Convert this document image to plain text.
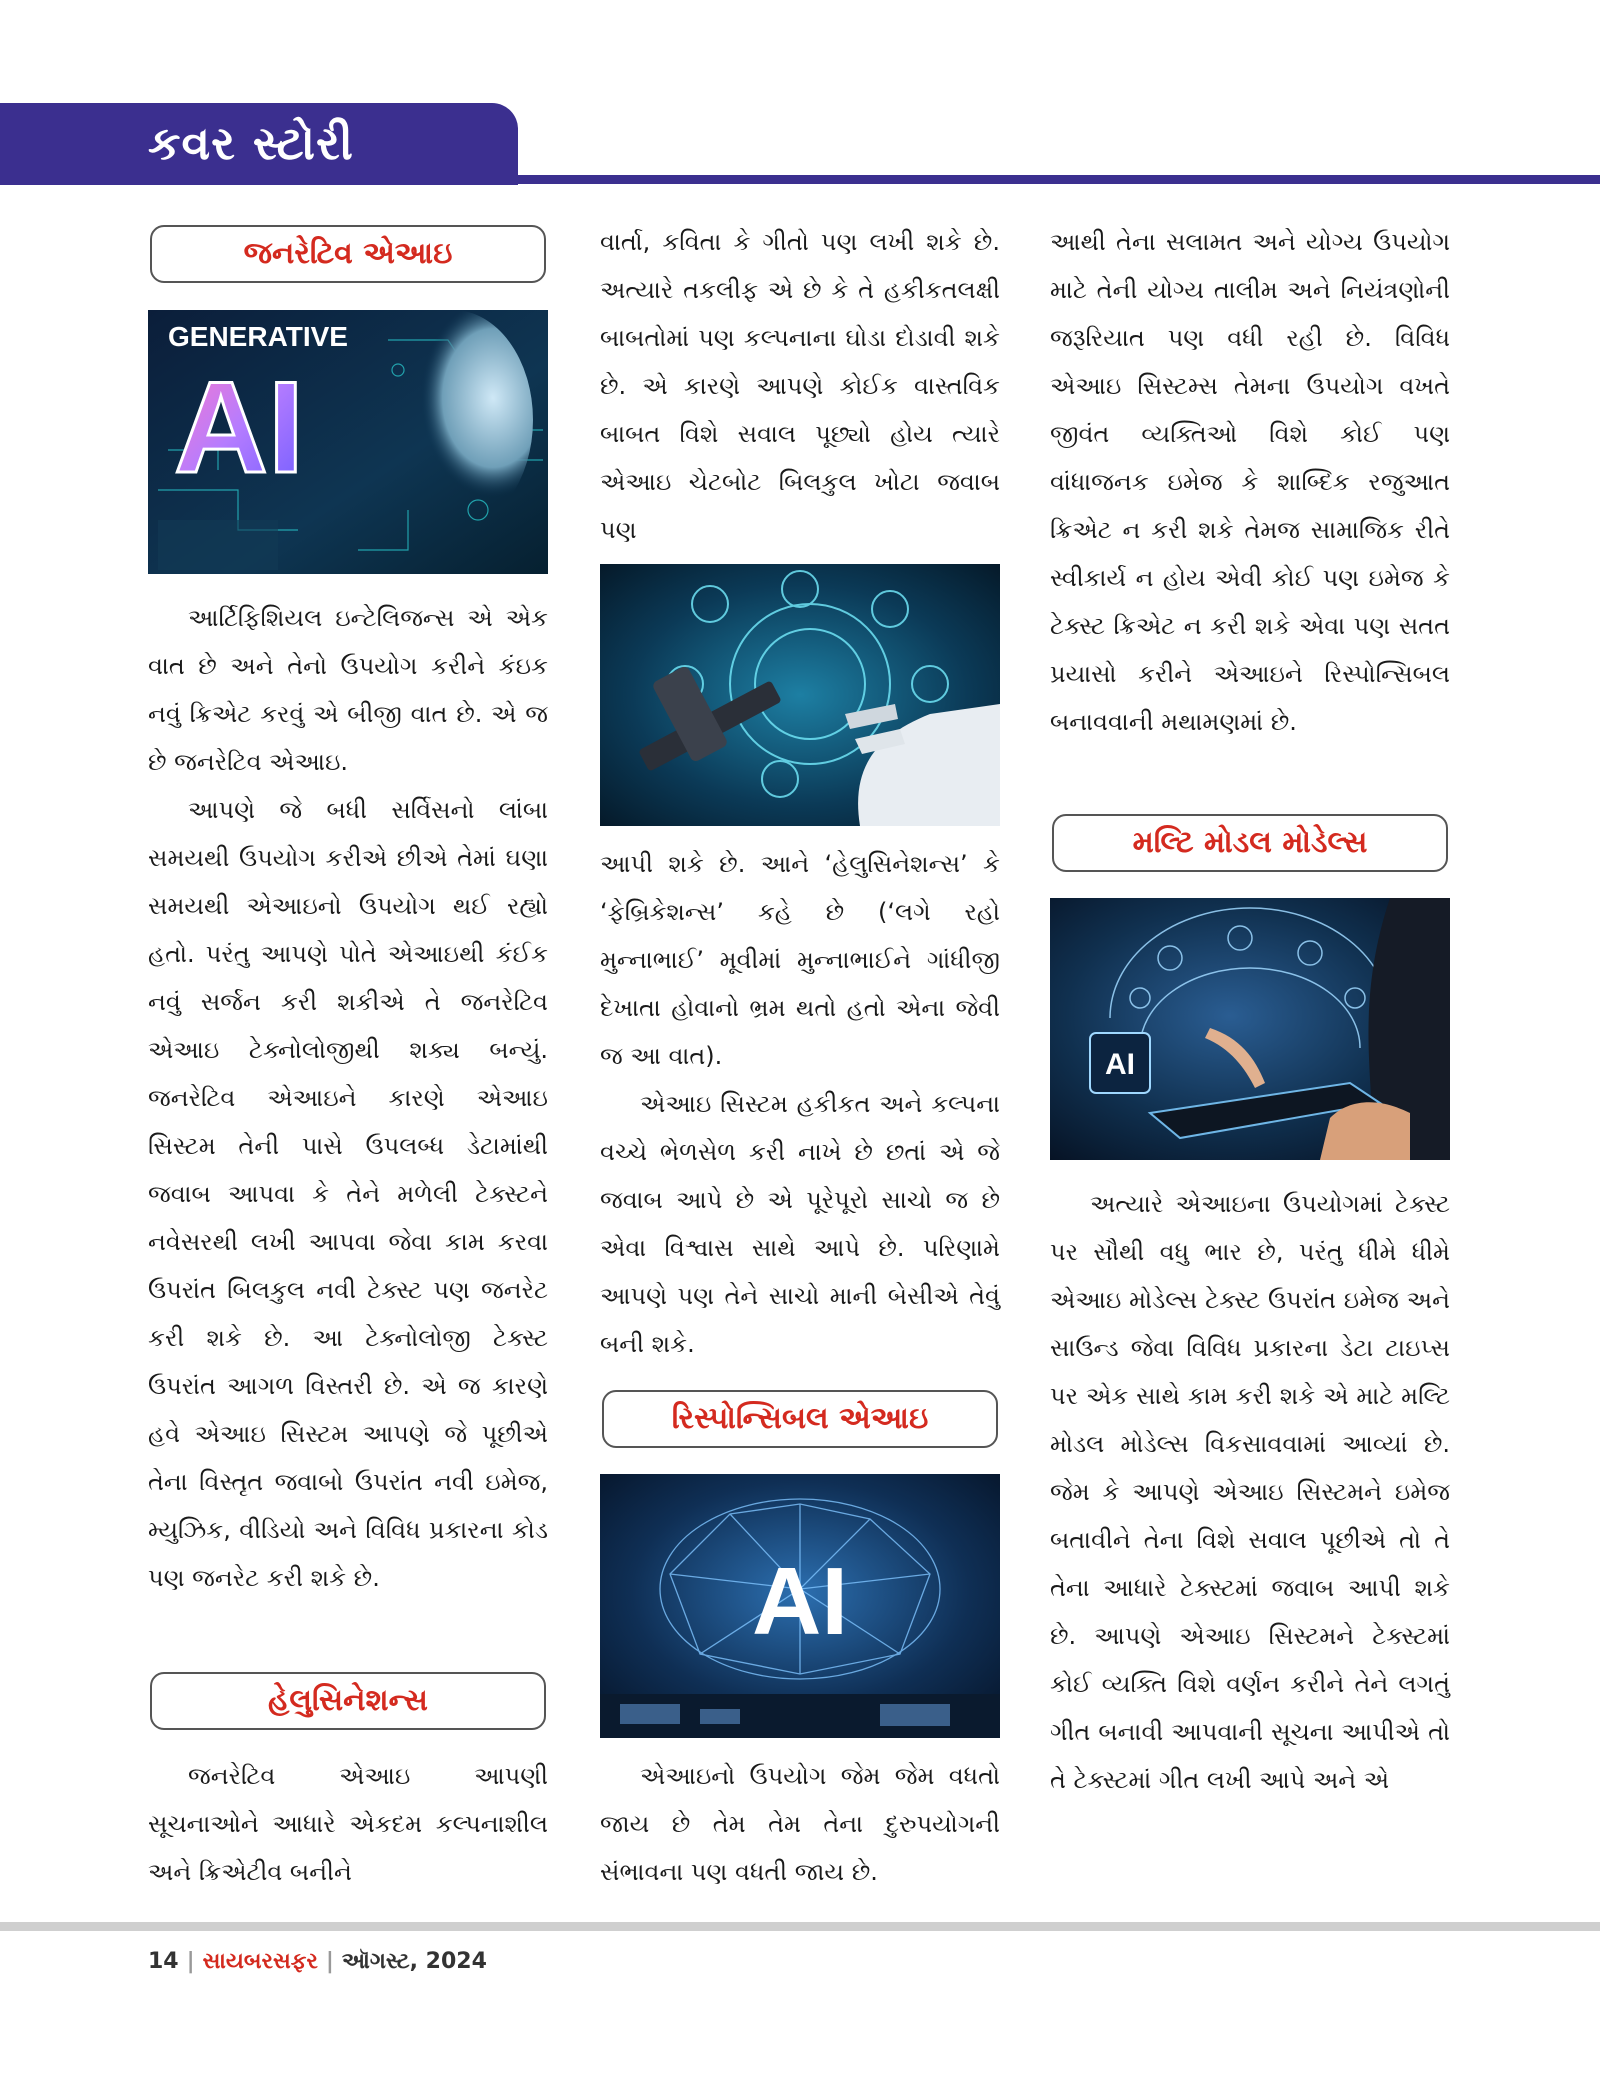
કવર સ્ટોરી
જનરેટિવ એઆઇ
GENERATIVE
AI

આર્ટિફિશિયલ ઇન્ટેલિજન્સ એ એક વાત છે અને તેનો ઉપયોગ કરીને કંઇક નવું ક્રિએટ કરવું એ બીજી વાત છે. એ જ છે જનરેટિવ એઆઇ.

આપણે જે બધી સર્વિસનો લાંબા સમયથી ઉપયોગ કરીએ છીએ તેમાં ઘણા સમયથી એઆઇનો ઉપયોગ થઈ રહ્યો હતો. પરંતુ આપણે પોતે એઆઇથી કંઈક નવું સર્જન કરી શકીએ તે જનરેટિવ એઆઇ ટેક્નોલોજીથી શક્ય બન્યું. જનરેટિવ એઆઇને કારણે એઆઇ સિસ્ટમ તેની પાસે ઉપલબ્ધ ડેટામાંથી જવાબ આપવા કે તેને મળેલી ટેક્સ્ટને નવેસરથી લખી આપવા જેવા કામ કરવા ઉપરાંત બિલકુલ નવી ટેક્સ્ટ પણ જનરેટ કરી શકે છે. આ ટેક્નોલોજી ટેક્સ્ટ ઉપરાંત આગળ વિસ્તરી છે. એ જ કારણે હવે એઆઇ સિસ્ટમ આપણે જે પૂછીએ તેના વિસ્તૃત જવાબો ઉપરાંત નવી ઇમેજ, મ્યુઝિક, વીડિયો અને વિવિધ પ્રકારના કોડ પણ જનરેટ કરી શકે છે.

હેલુસિનેશન્સ

જનરેટિવ એઆઇ આપણી સૂચનાઓને આધારે એકદમ કલ્પનાશીલ અને ક્રિએટીવ બનીને

વાર્તા, કવિતા કે ગીતો પણ લખી શકે છે. અત્યારે તકલીફ એ છે કે તે હકીકતલક્ષી બાબતોમાં પણ કલ્પનાના ઘોડા દોડાવી શકે છે. એ કારણે આપણે કોઈક વાસ્તવિક બાબત વિશે સવાલ પૂછ્યો હોય ત્યારે એઆઇ ચેટબોટ બિલકુલ ખોટા જવાબ પણ

આપી શકે છે. આને ‘હેલુસિનેશન્સ’ કે ‘ફેબ્રિકેશન્સ’ કહે છે (‘લગે રહો મુન્નાભાઈ’ મૂવીમાં મુન્નાભાઈને ગાંધીજી દેખાતા હોવાનો ભ્રમ થતો હતો એના જેવી જ આ વાત).

એઆઇ સિસ્ટમ હકીકત અને કલ્પના વચ્ચે ભેળસેળ કરી નાખે છે છતાં એ જે જવાબ આપે છે એ પૂરેપૂરો સાચો જ છે એવા વિશ્વાસ સાથે આપે છે. પરિણામે આપણે પણ તેને સાચો માની બેસીએ તેવું બની શકે.

રિસ્પોન્સિબલ એઆઇ
AI

એઆઇનો ઉપયોગ જેમ જેમ વધતો જાય છે તેમ તેમ તેના દુરુપયોગની સંભાવના પણ વધતી જાય છે.

આથી તેના સલામત અને યોગ્ય ઉપયોગ માટે તેની યોગ્ય તાલીમ અને નિયંત્રણોની જરૂરિયાત પણ વધી રહી છે. વિવિધ એઆઇ સિસ્ટમ્સ તેમના ઉપયોગ વખતે જીવંત વ્યક્તિઓ વિશે કોઈ પણ વાંધાજનક ઇમેજ કે શાબ્દિક રજુઆત ક્રિએટ ન કરી શકે તેમજ સામાજિક રીતે સ્વીકાર્ય ન હોય એવી કોઈ પણ ઇમેજ કે ટેક્સ્ટ ક્રિએટ ન કરી શકે એવા પણ સતત પ્રયાસો કરીને એઆઇને રિસ્પોન્સિબલ બનાવવાની મથામણમાં છે.

મલ્ટિ મોડલ મોડેલ્સ
AI

અત્યારે એઆઇના ઉપયોગમાં ટેક્સ્ટ પર સૌથી વધુ ભાર છે, પરંતુ ધીમે ધીમે એઆઇ મોડેલ્સ ટેક્સ્ટ ઉપરાંત ઇમેજ અને સાઉન્ડ જેવા વિવિધ પ્રકારના ડેટા ટાઇપ્સ પર એક સાથે કામ કરી શકે એ માટે મલ્ટિ મોડલ મોડેલ્સ વિકસાવવામાં આવ્યાં છે. જેમ કે આપણે એઆઇ સિસ્ટમને ઇમેજ બતાવીને તેના વિશે સવાલ પૂછીએ તો તે તેના આધારે ટેક્સ્ટમાં જવાબ આપી શકે છે. આપણે એઆઇ સિસ્ટમને ટેક્સ્ટમાં કોઈ વ્યક્તિ વિશે વર્ણન કરીને તેને લગતું ગીત બનાવી આપવાની સૂચના આપીએ તો તે ટેક્સ્ટમાં ગીત લખી આપે અને એ

14 | સાયબરસફર | ઑગસ્ટ, 2024
